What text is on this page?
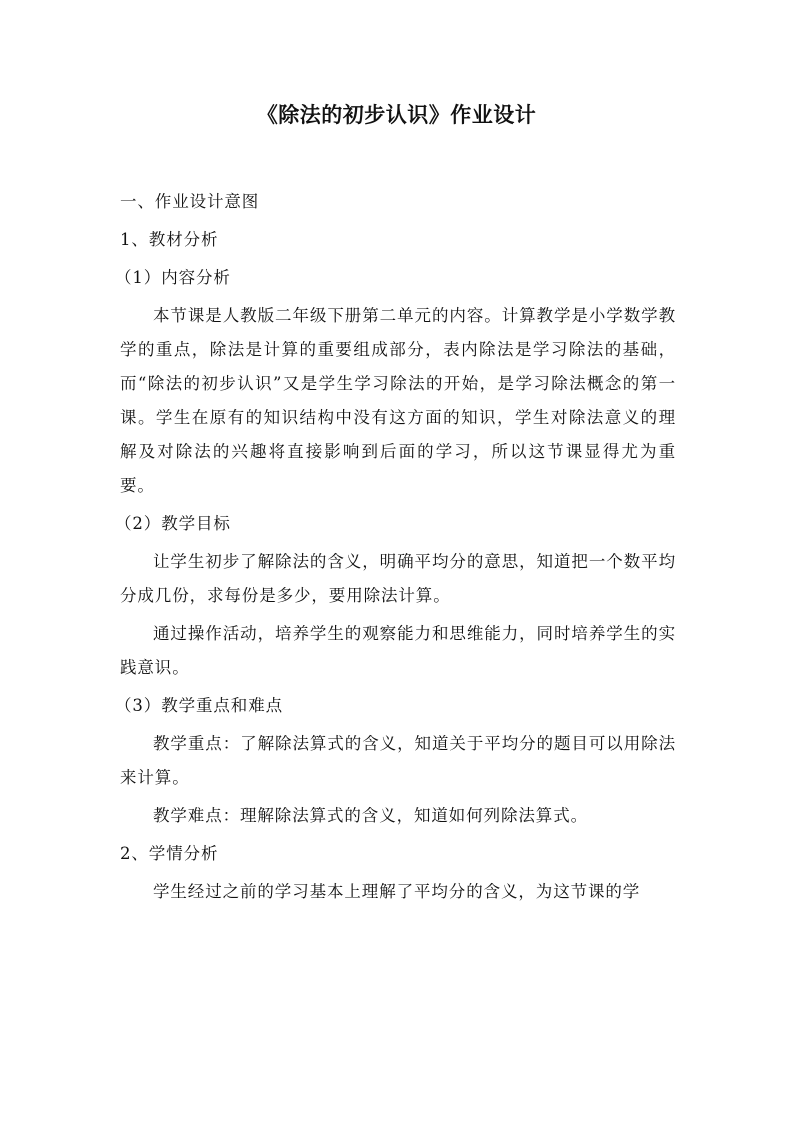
《除法的初步认识》作业设计

一、作业设计意图

1、教材分析

（1）内容分析

本节课是人教版二年级下册第二单元的内容。计算教学是小学数学教学的重点，除法是计算的重要组成部分，表内除法是学习除法的基础，而“除法的初步认识”又是学生学习除法的开始，是学习除法概念的第一课。学生在原有的知识结构中没有这方面的知识，学生对除法意义的理解及对除法的兴趣将直接影响到后面的学习，所以这节课显得尤为重要。

（2）教学目标

让学生初步了解除法的含义，明确平均分的意思，知道把一个数平均分成几份，求每份是多少，要用除法计算。

通过操作活动，培养学生的观察能力和思维能力，同时培养学生的实践意识。

（3）教学重点和难点

教学重点：了解除法算式的含义，知道关于平均分的题目可以用除法来计算。

教学难点：理解除法算式的含义，知道如何列除法算式。

2、学情分析

学生经过之前的学习基本上理解了平均分的含义，为这节课的学
